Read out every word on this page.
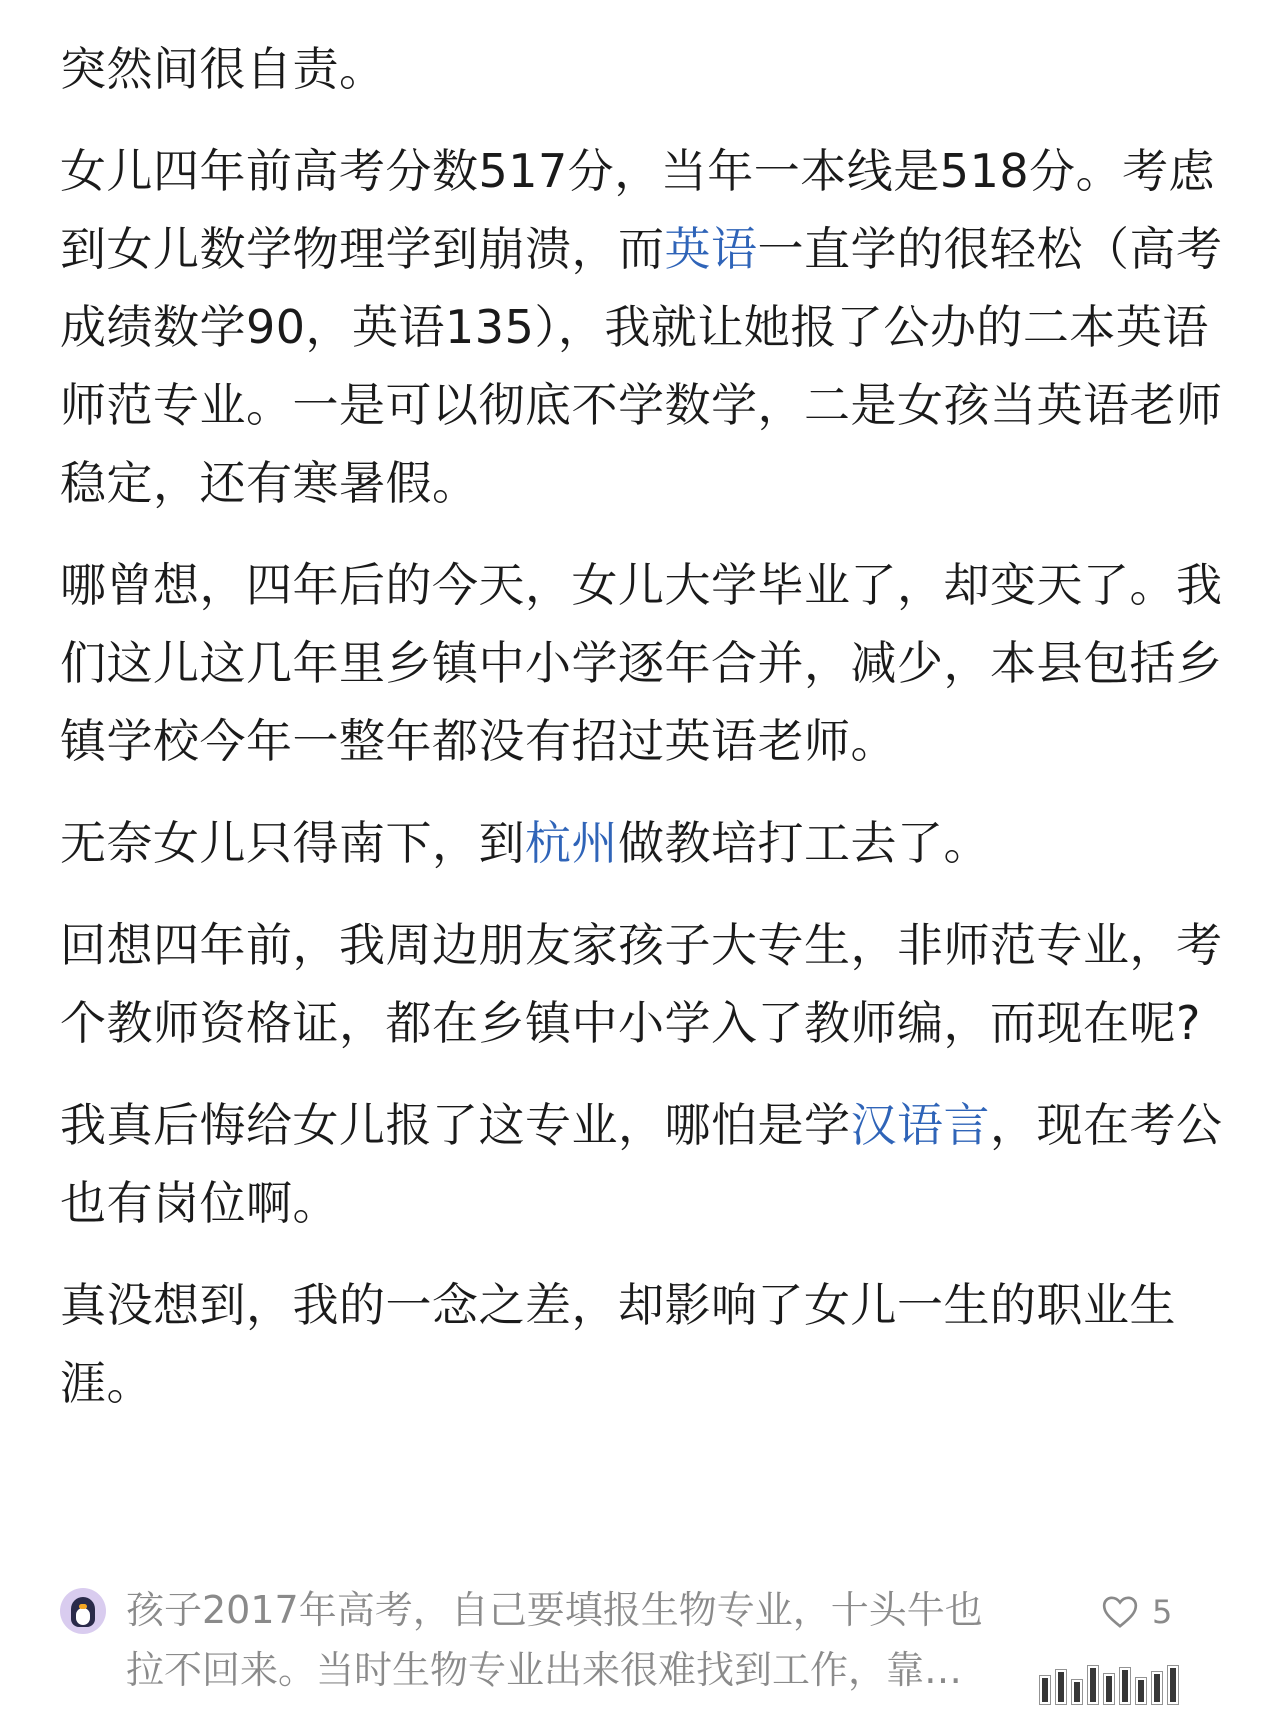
突然间很自责。

女儿四年前高考分数517分，当年一本线是518分。考虑到女儿数学物理学到崩溃，而英语一直学的很轻松（高考成绩数学90，英语135），我就让她报了公办的二本英语师范专业。一是可以彻底不学数学，二是女孩当英语老师稳定，还有寒暑假。

哪曾想，四年后的今天，女儿大学毕业了，却变天了。我们这儿这几年里乡镇中小学逐年合并，减少，本县包括乡镇学校今年一整年都没有招过英语老师。

无奈女儿只得南下，到杭州做教培打工去了。

回想四年前，我周边朋友家孩子大专生，非师范专业，考个教师资格证，都在乡镇中小学入了教师编，而现在呢?

我真后悔给女儿报了这专业，哪怕是学汉语言，现在考公也有岗位啊。

真没想到，我的一念之差，却影响了女儿一生的职业生涯。

孩子2017年高考，自己要填报生物专业，十头牛也拉不回来。当时生物专业出来很难找到工作，靠…
5
